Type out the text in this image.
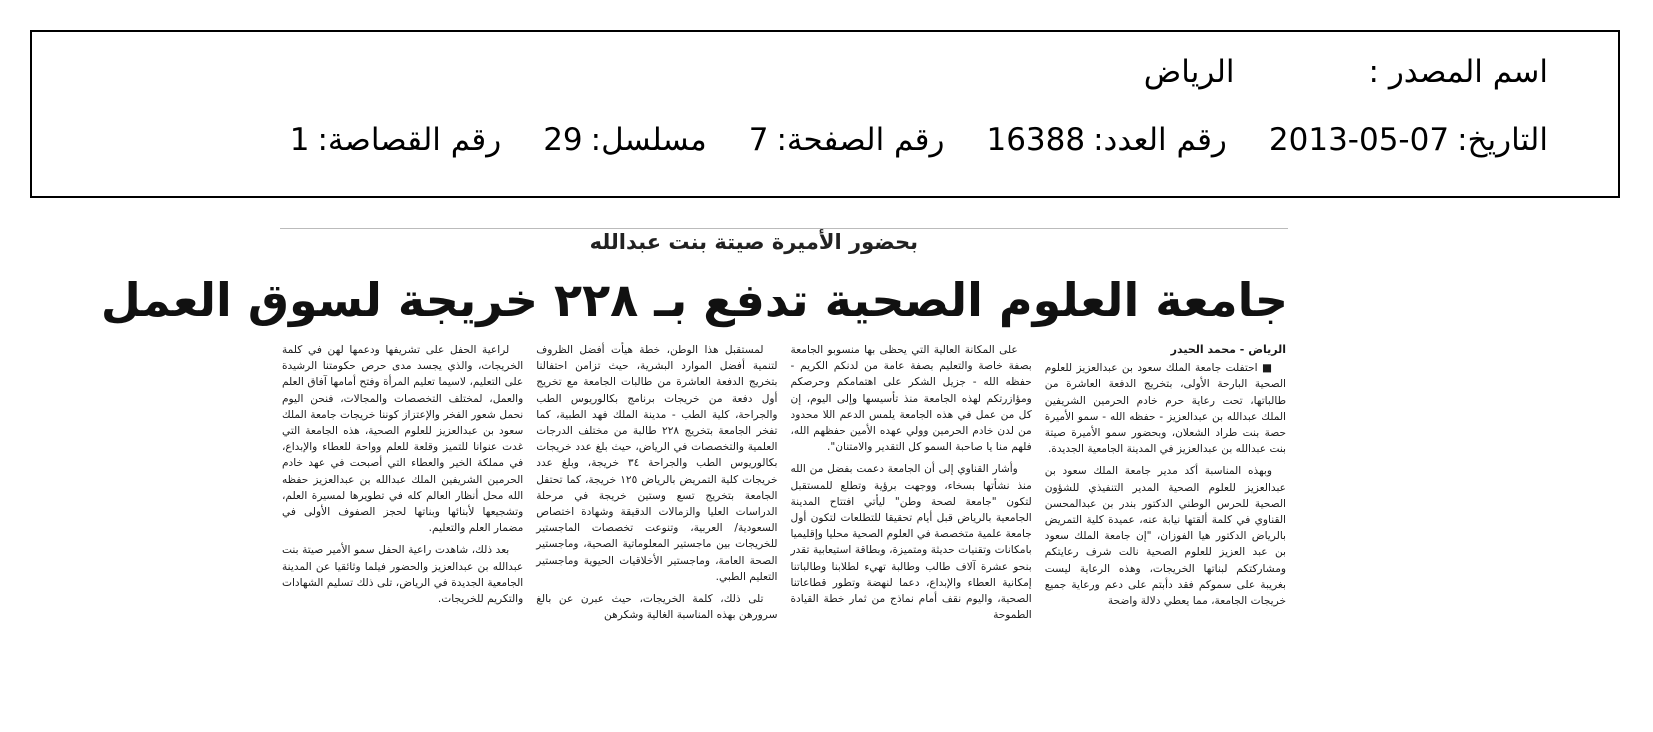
اسم المصدر :
الرياض
التاريخ:
2013-05-07
رقم العدد:
16388
رقم الصفحة:
7
مسلسل:
29
رقم القصاصة:
1
بحضور الأميرة صيتة بنت عبدالله
جامعة العلوم الصحية تدفع بـ ٢٢٨ خريجة لسوق العمل
الرياض - محمد الحيدر

■ احتفلت جامعة الملك سعود بن عبدالعزيز للعلوم الصحية البارحة الأولى، بتخريج الدفعة العاشرة من طالباتها، تحت رعاية حرم خادم الحرمين الشريفين الملك عبدالله بن عبدالعزيز - حفظه الله - سمو الأميرة حصة بنت طراد الشعلان، وبحضور سمو الأميرة صيتة بنت عبدالله بن عبدالعزيز في المدينة الجامعية الجديدة.

وبهذه المناسبة أكد مدير جامعة الملك سعود بن عبدالعزيز للعلوم الصحية المدير التنفيذي للشؤون الصحية للحرس الوطني الدكتور بندر بن عبدالمحسن القناوي في كلمة ألقتها نيابة عنه، عميدة كلية التمريض بالرياض الدكتور هيا الفوزان، "إن جامعة الملك سعود بن عبد العزيز للعلوم الصحية نالت شرف رعايتكم ومشاركتكم لبناتها الخريجات، وهذه الرعاية ليست بغريبة على سموكم فقد دأبتم على دعم ورعاية جميع خريجات الجامعة، مما يعطي دلالة واضحة

على المكانة العالية التي يحظى بها منسوبو الجامعة بصفة خاصة والتعليم بصفة عامة من لدنكم الكريم - حفظه الله - جزيل الشكر على اهتمامكم وحرصكم ومؤازرتكم لهذه الجامعة منذ تأسيسها وإلى اليوم، إن كل من عمل في هذه الجامعة يلمس الدعم اللا محدود من لدن خادم الحرمين وولي عهده الأمين حفظهم الله، فلهم منا يا صاحبة السمو كل التقدير والامتنان".

وأشار القناوي إلى أن الجامعة دعمت بفضل من الله منذ نشأتها بسخاء، ووجهت برؤية وتطلع للمستقبل لتكون "جامعة لصحة وطن" ليأتي افتتاح المدينة الجامعية بالرياض قبل أيام تحقيقا للتطلعات لتكون أول جامعة علمية متخصصة في العلوم الصحية محليا وإقليميا بامكانات وتقنيات حديثة ومتميزة، وبطاقة استيعابية تقدر بنحو عشرة آلاف طالب وطالبة تهيء لطلابنا وطالباتنا إمكانية العطاء والإبداع، دعما لنهضة وتطور قطاعاتنا الصحية، واليوم نقف أمام نماذج من ثمار خطة القيادة الطموحة

لمستقبل هذا الوطن، خطة هيأت أفضل الظروف لتنمية أفضل الموارد البشرية، حيث تزامن احتفالنا بتخريج الدفعة العاشرة من طالبات الجامعة مع تخريج أول دفعة من خريجات برنامج بكالوريوس الطب والجراحة، كلية الطب - مدينة الملك فهد الطبية، كما تفخر الجامعة بتخريج ٢٢٨ طالبة من مختلف الدرجات العلمية والتخصصات في الرياض، حيث بلغ عدد خريجات بكالوريوس الطب والجراحة ٣٤ خريجة، وبلغ عدد خريجات كلية التمريض بالرياض ١٢٥ خريجة، كما تحتفل الجامعة بتخريج تسع وستين خريجة في مرحلة الدراسات العليا والزمالات الدقيقة وشهادة اختصاص السعودية/ العربية، وتنوعت تخصصات الماجستير للخريجات بين ماجستير المعلوماتية الصحية، وماجستير الصحة العامة، وماجستير الأخلاقيات الحيوية وماجستير التعليم الطبي.

تلى ذلك، كلمة الخريجات، حيث عبرن عن بالغ سرورهن بهذه المناسبة الغالية وشكرهن

لراعية الحفل على تشريفها ودعمها لهن في كلمة الخريجات، والذي يجسد مدى حرص حكومتنا الرشيدة على التعليم، لاسيما تعليم المرأة وفتح أمامها آفاق العلم والعمل، لمختلف التخصصات والمجالات، فنحن اليوم نحمل شعور الفخر والإعتزاز كوننا خريجات جامعة الملك سعود بن عبدالعزيز للعلوم الصحية، هذه الجامعة التي غدت عنوانا للتميز وقلعة للعلم وواحة للعطاء والإبداع، في مملكة الخير والعطاء التي أصبحت في عهد خادم الحرمين الشريفين الملك عبدالله بن عبدالعزيز حفظه الله محل أنظار العالم كله في تطويرها لمسيرة العلم، وتشجيعها لأبنائها وبناتها لحجز الصفوف الأولى في مضمار العلم والتعليم.

بعد ذلك، شاهدت راعية الحفل سمو الأمير صيتة بنت عبدالله بن عبدالعزيز والحضور فيلما وثائقيا عن المدينة الجامعية الجديدة في الرياض، تلى ذلك تسليم الشهادات والتكريم للخريجات.
